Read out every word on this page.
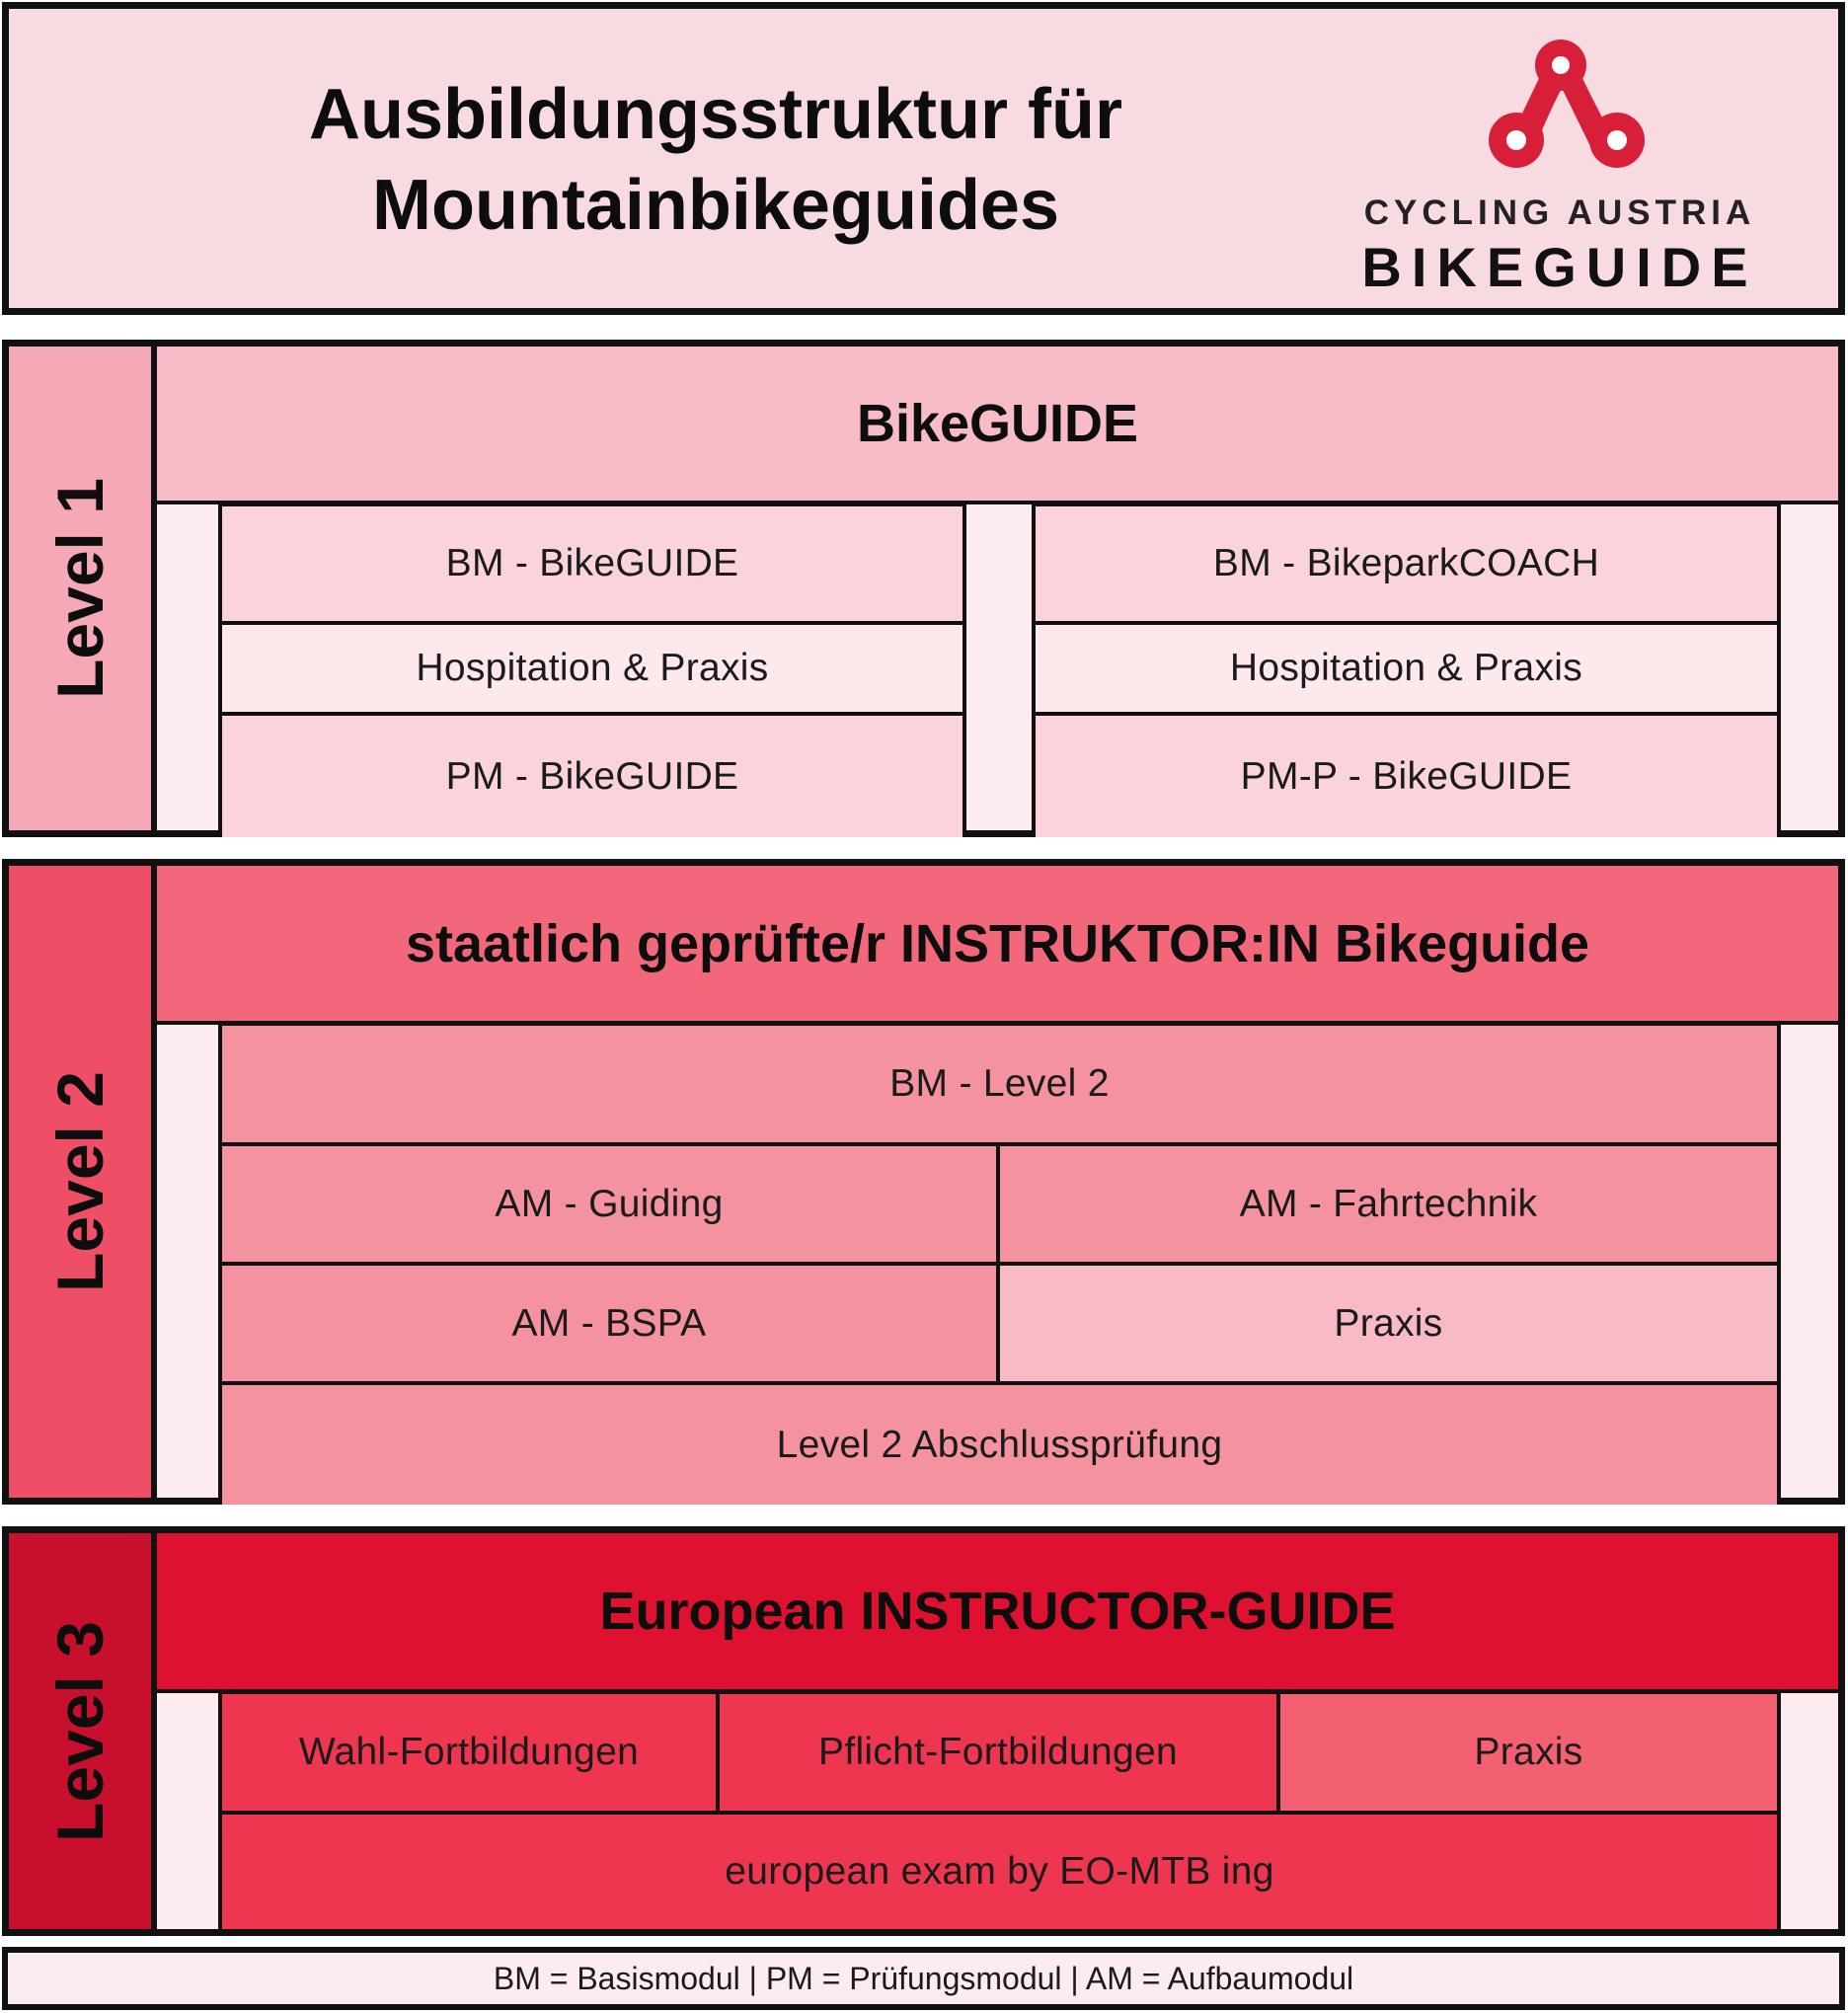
Ausbildungsstruktur für
Mountainbikeguides	CYCLING AUSTRIA
BIKEGUIDE
Level 1
BikeGUIDE
BM - BikeGUIDE
Hospitation & Praxis
PM - BikeGUIDE
BM - BikeparkCOACH
Hospitation & Praxis
PM-P - BikeGUIDE
Level 2
staatlich geprüfte/r INSTRUKTOR:IN Bikeguide
BM - Level 2
AM - Guiding	AM - Fahrtechnik
AM - BSPA	Praxis
Level 2 Abschlussprüfung
Level 3
European INSTRUCTOR-GUIDE
Wahl-Fortbildungen	Pflicht-Fortbildungen	Praxis
european exam by EO-MTB ing
BM = Basismodul | PM = Prüfungsmodul | AM = Aufbaumodul
